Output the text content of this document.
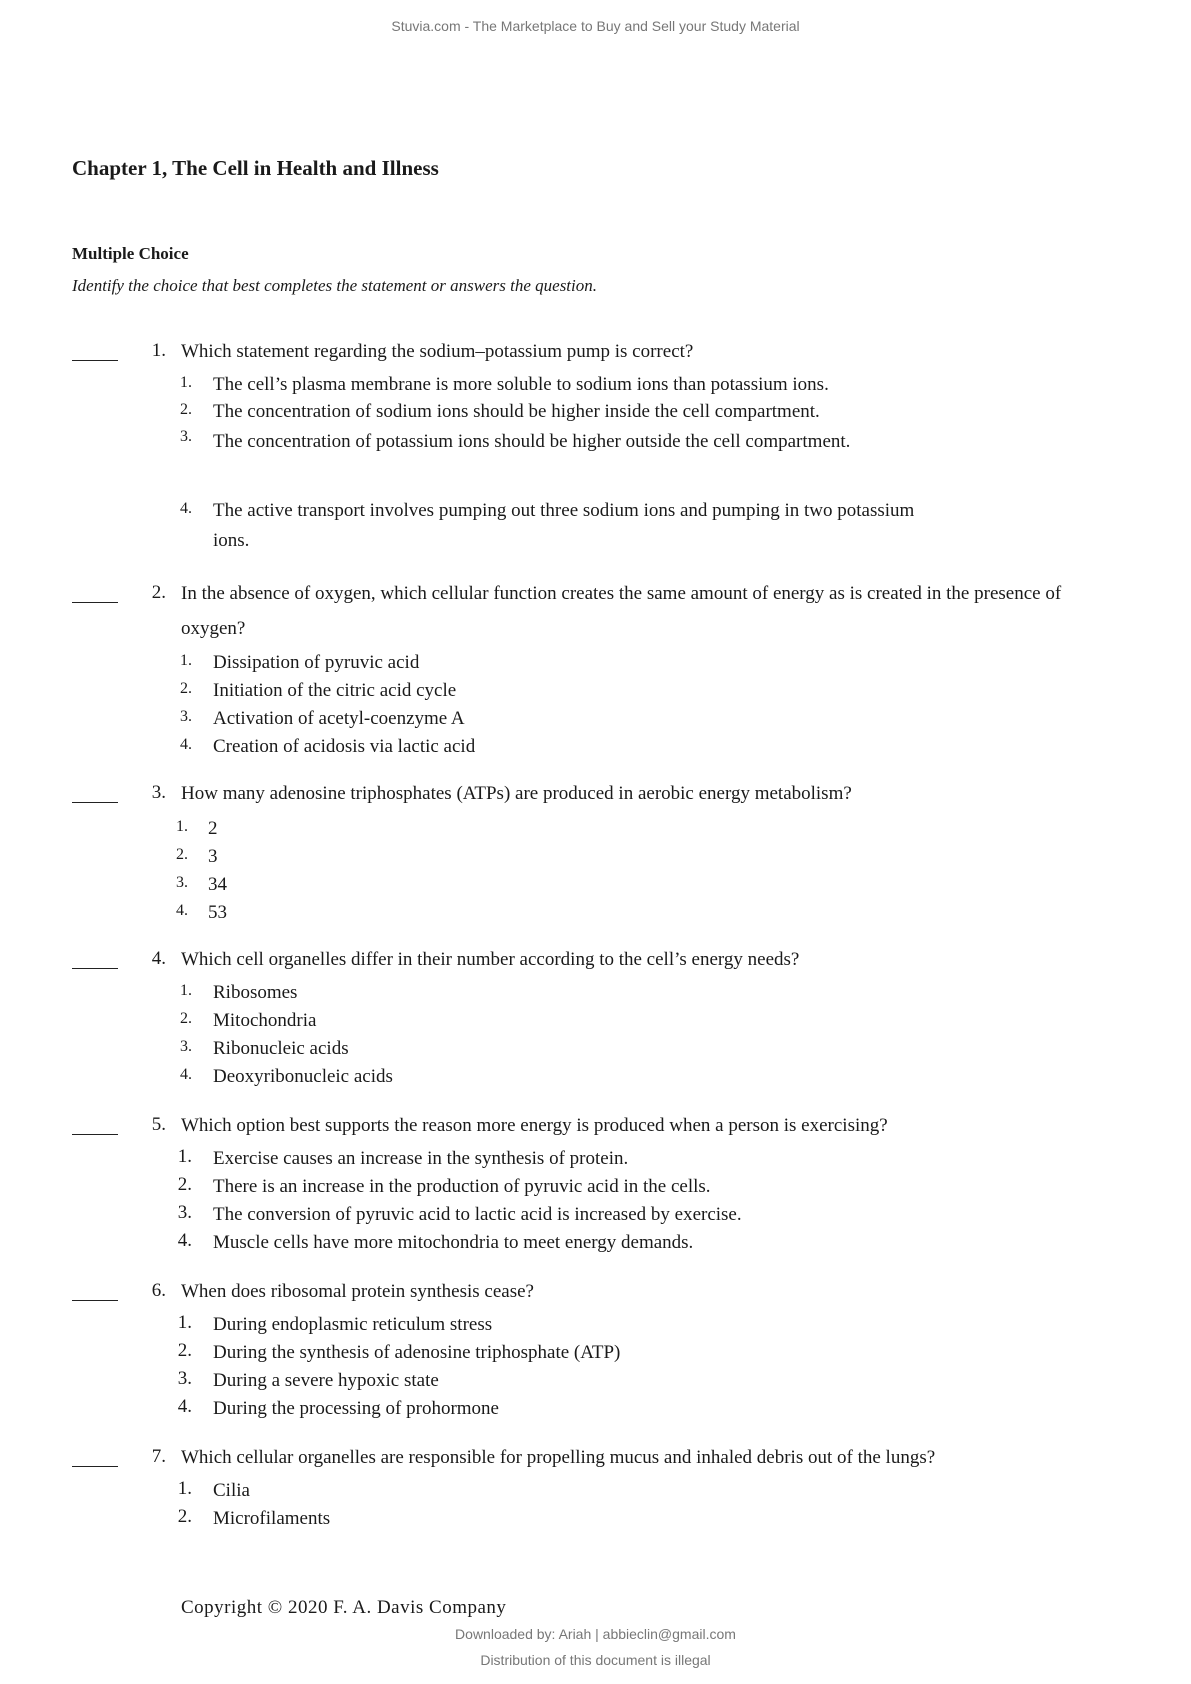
Stuvia.com - The Marketplace to Buy and Sell your Study Material
Chapter 1, The Cell in Health and Illness
Multiple Choice
Identify the choice that best completes the statement or answers the question.
1. Which statement regarding the sodium–potassium pump is correct?
1. The cell’s plasma membrane is more soluble to sodium ions than potassium ions.
2. The concentration of sodium ions should be higher inside the cell compartment.
3. The concentration of potassium ions should be higher outside the cell compartment.
4. The active transport involves pumping out three sodium ions and pumping in two potassium ions.
2. In the absence of oxygen, which cellular function creates the same amount of energy as is created in the presence of oxygen?
1. Dissipation of pyruvic acid
2. Initiation of the citric acid cycle
3. Activation of acetyl-coenzyme A
4. Creation of acidosis via lactic acid
3. How many adenosine triphosphates (ATPs) are produced in aerobic energy metabolism?
1. 2
2. 3
3. 34
4. 53
4. Which cell organelles differ in their number according to the cell’s energy needs?
1. Ribosomes
2. Mitochondria
3. Ribonucleic acids
4. Deoxyribonucleic acids
5. Which option best supports the reason more energy is produced when a person is exercising?
1. Exercise causes an increase in the synthesis of protein.
2. There is an increase in the production of pyruvic acid in the cells.
3. The conversion of pyruvic acid to lactic acid is increased by exercise.
4. Muscle cells have more mitochondria to meet energy demands.
6. When does ribosomal protein synthesis cease?
1. During endoplasmic reticulum stress
2. During the synthesis of adenosine triphosphate (ATP)
3. During a severe hypoxic state
4. During the processing of prohormone
7. Which cellular organelles are responsible for propelling mucus and inhaled debris out of the lungs?
1. Cilia
2. Microfilaments
Copyright © 2020 F. A. Davis Company
Downloaded by: Ariah | abbieclin@gmail.com
Distribution of this document is illegal
